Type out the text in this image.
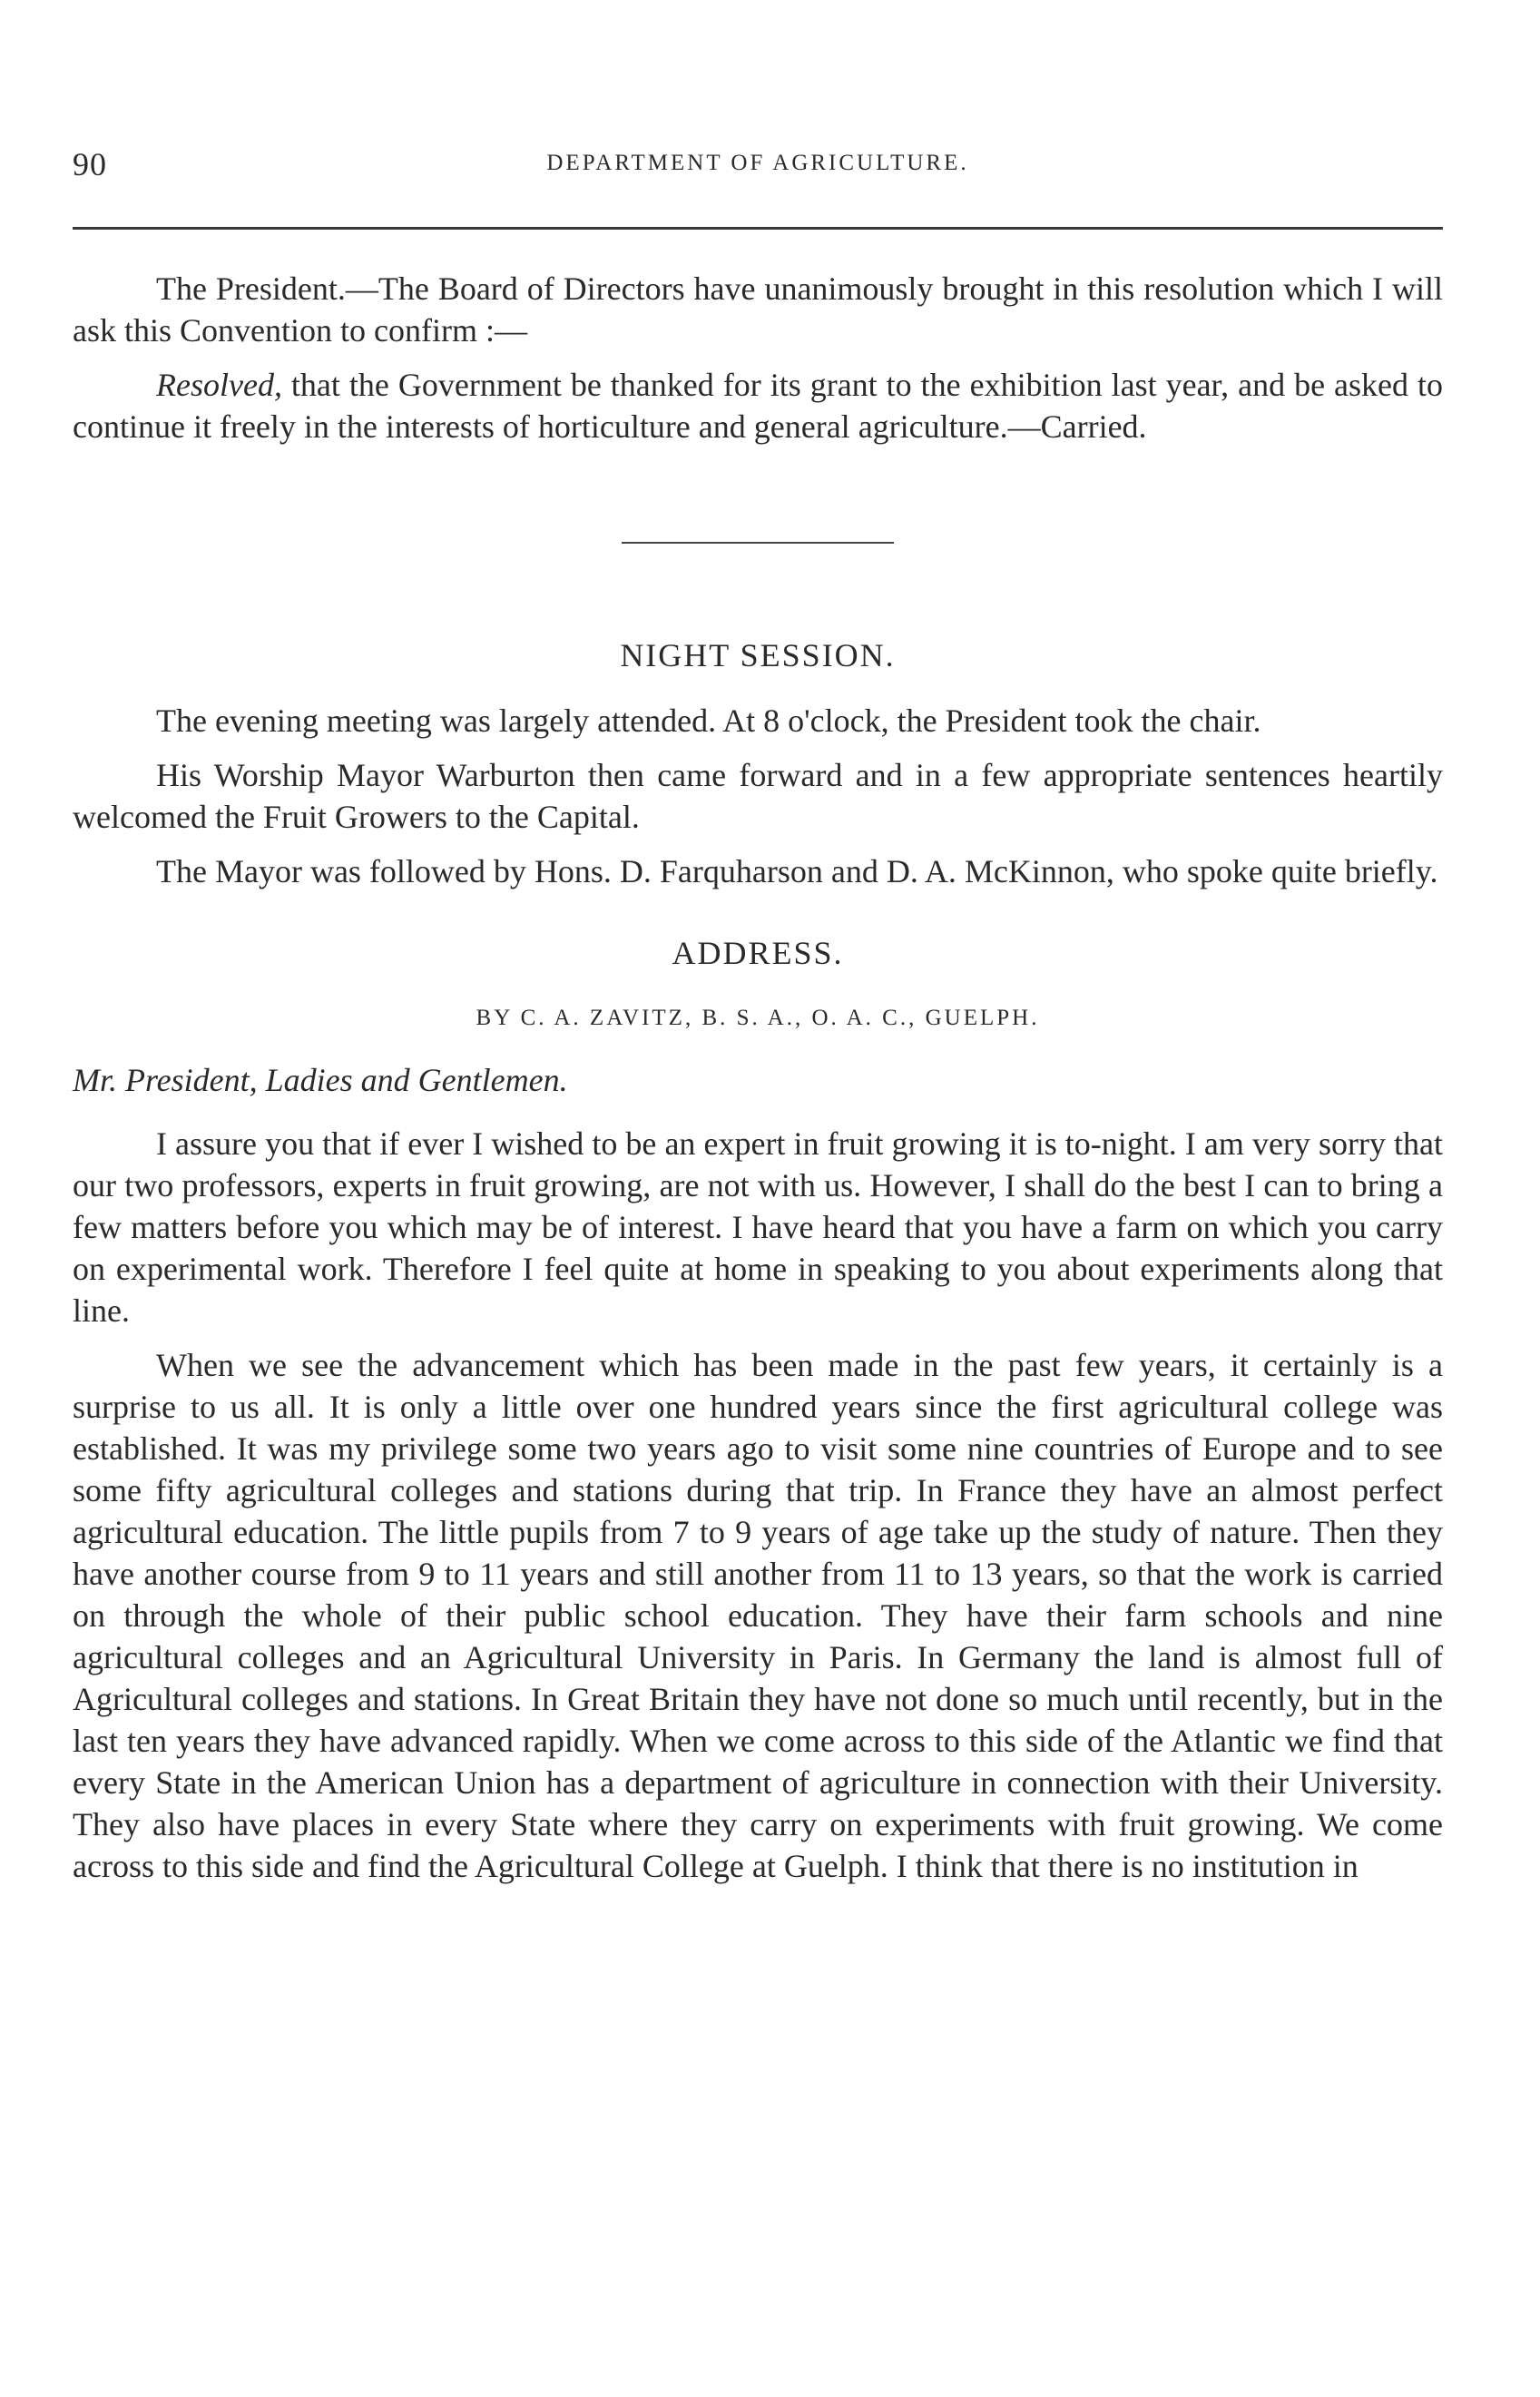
90	DEPARTMENT OF AGRICULTURE.

The President.—The Board of Directors have unanimously brought in this resolution which I will ask this Convention to confirm :—

Resolved, that the Government be thanked for its grant to the exhibition last year, and be asked to continue it freely in the interests of horticulture and general agriculture.—Carried.

NIGHT SESSION.

The evening meeting was largely attended. At 8 o'clock, the President took the chair.

His Worship Mayor Warburton then came forward and in a few appropriate sentences heartily welcomed the Fruit Growers to the Capital.

The Mayor was followed by Hons. D. Farquharson and D. A. McKinnon, who spoke quite briefly.

ADDRESS.
BY C. A. ZAVITZ, B. S. A., O. A. C., GUELPH.

Mr. President, Ladies and Gentlemen.

I assure you that if ever I wished to be an expert in fruit growing it is to-night. I am very sorry that our two professors, experts in fruit growing, are not with us. However, I shall do the best I can to bring a few matters before you which may be of interest. I have heard that you have a farm on which you carry on experimental work. Therefore I feel quite at home in speaking to you about experiments along that line.

When we see the advancement which has been made in the past few years, it certainly is a surprise to us all. It is only a little over one hundred years since the first agricultural college was established. It was my privilege some two years ago to visit some nine countries of Europe and to see some fifty agricultural colleges and stations during that trip. In France they have an almost perfect agricultural education. The little pupils from 7 to 9 years of age take up the study of nature. Then they have another course from 9 to 11 years and still another from 11 to 13 years, so that the work is carried on through the whole of their public school education. They have their farm schools and nine agricultural colleges and an Agricultural University in Paris. In Germany the land is almost full of Agricultural colleges and stations. In Great Britain they have not done so much until recently, but in the last ten years they have advanced rapidly. When we come across to this side of the Atlantic we find that every State in the American Union has a department of agriculture in connection with their University. They also have places in every State where they carry on experiments with fruit growing. We come across to this side and find the Agricultural College at Guelph. I think that there is no institution in
